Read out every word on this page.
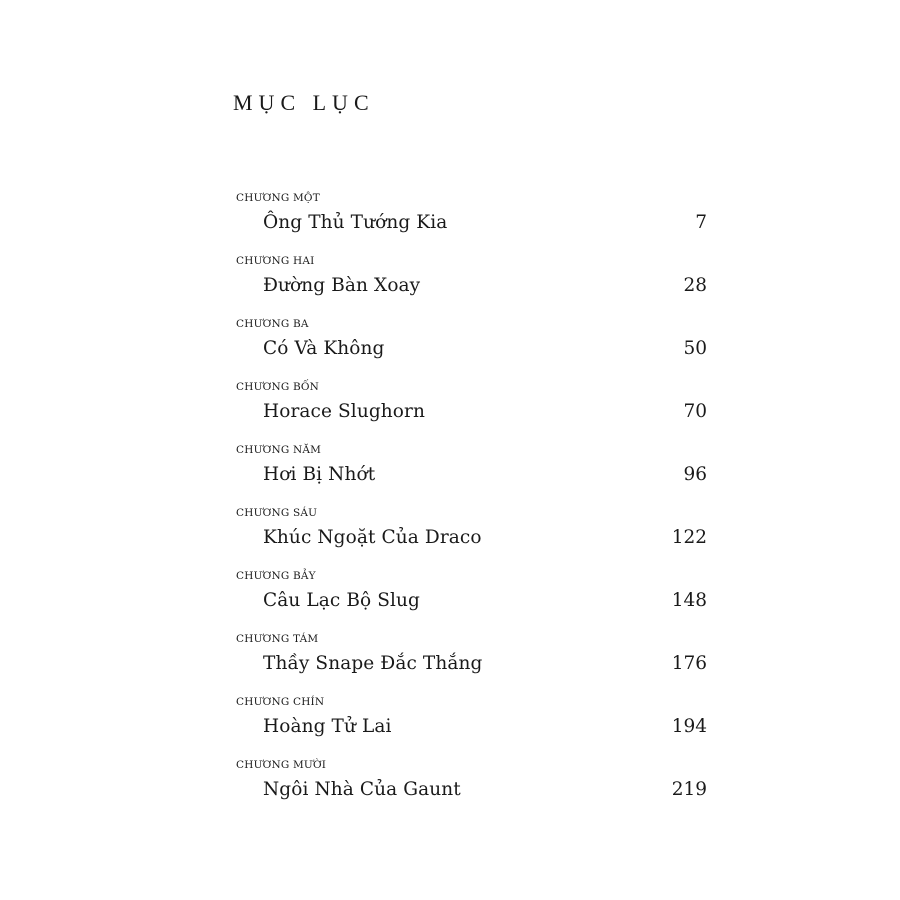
MỤC LỤC
CHƯƠNG MỘT
Ông Thủ Tướng Kia	7
CHƯƠNG HAI
Đường Bàn Xoay	28
CHƯƠNG BA
Có Và Không	50
CHƯƠNG BỐN
Horace Slughorn	70
CHƯƠNG NĂM
Hơi Bị Nhớt	96
CHƯƠNG SÁU
Khúc Ngoặt Của Draco	122
CHƯƠNG BẢY
Câu Lạc Bộ Slug	148
CHƯƠNG TÁM
Thầy Snape Đắc Thắng	176
CHƯƠNG CHÍN
Hoàng Tử Lai	194
CHƯƠNG MƯỜI
Ngôi Nhà Của Gaunt	219
